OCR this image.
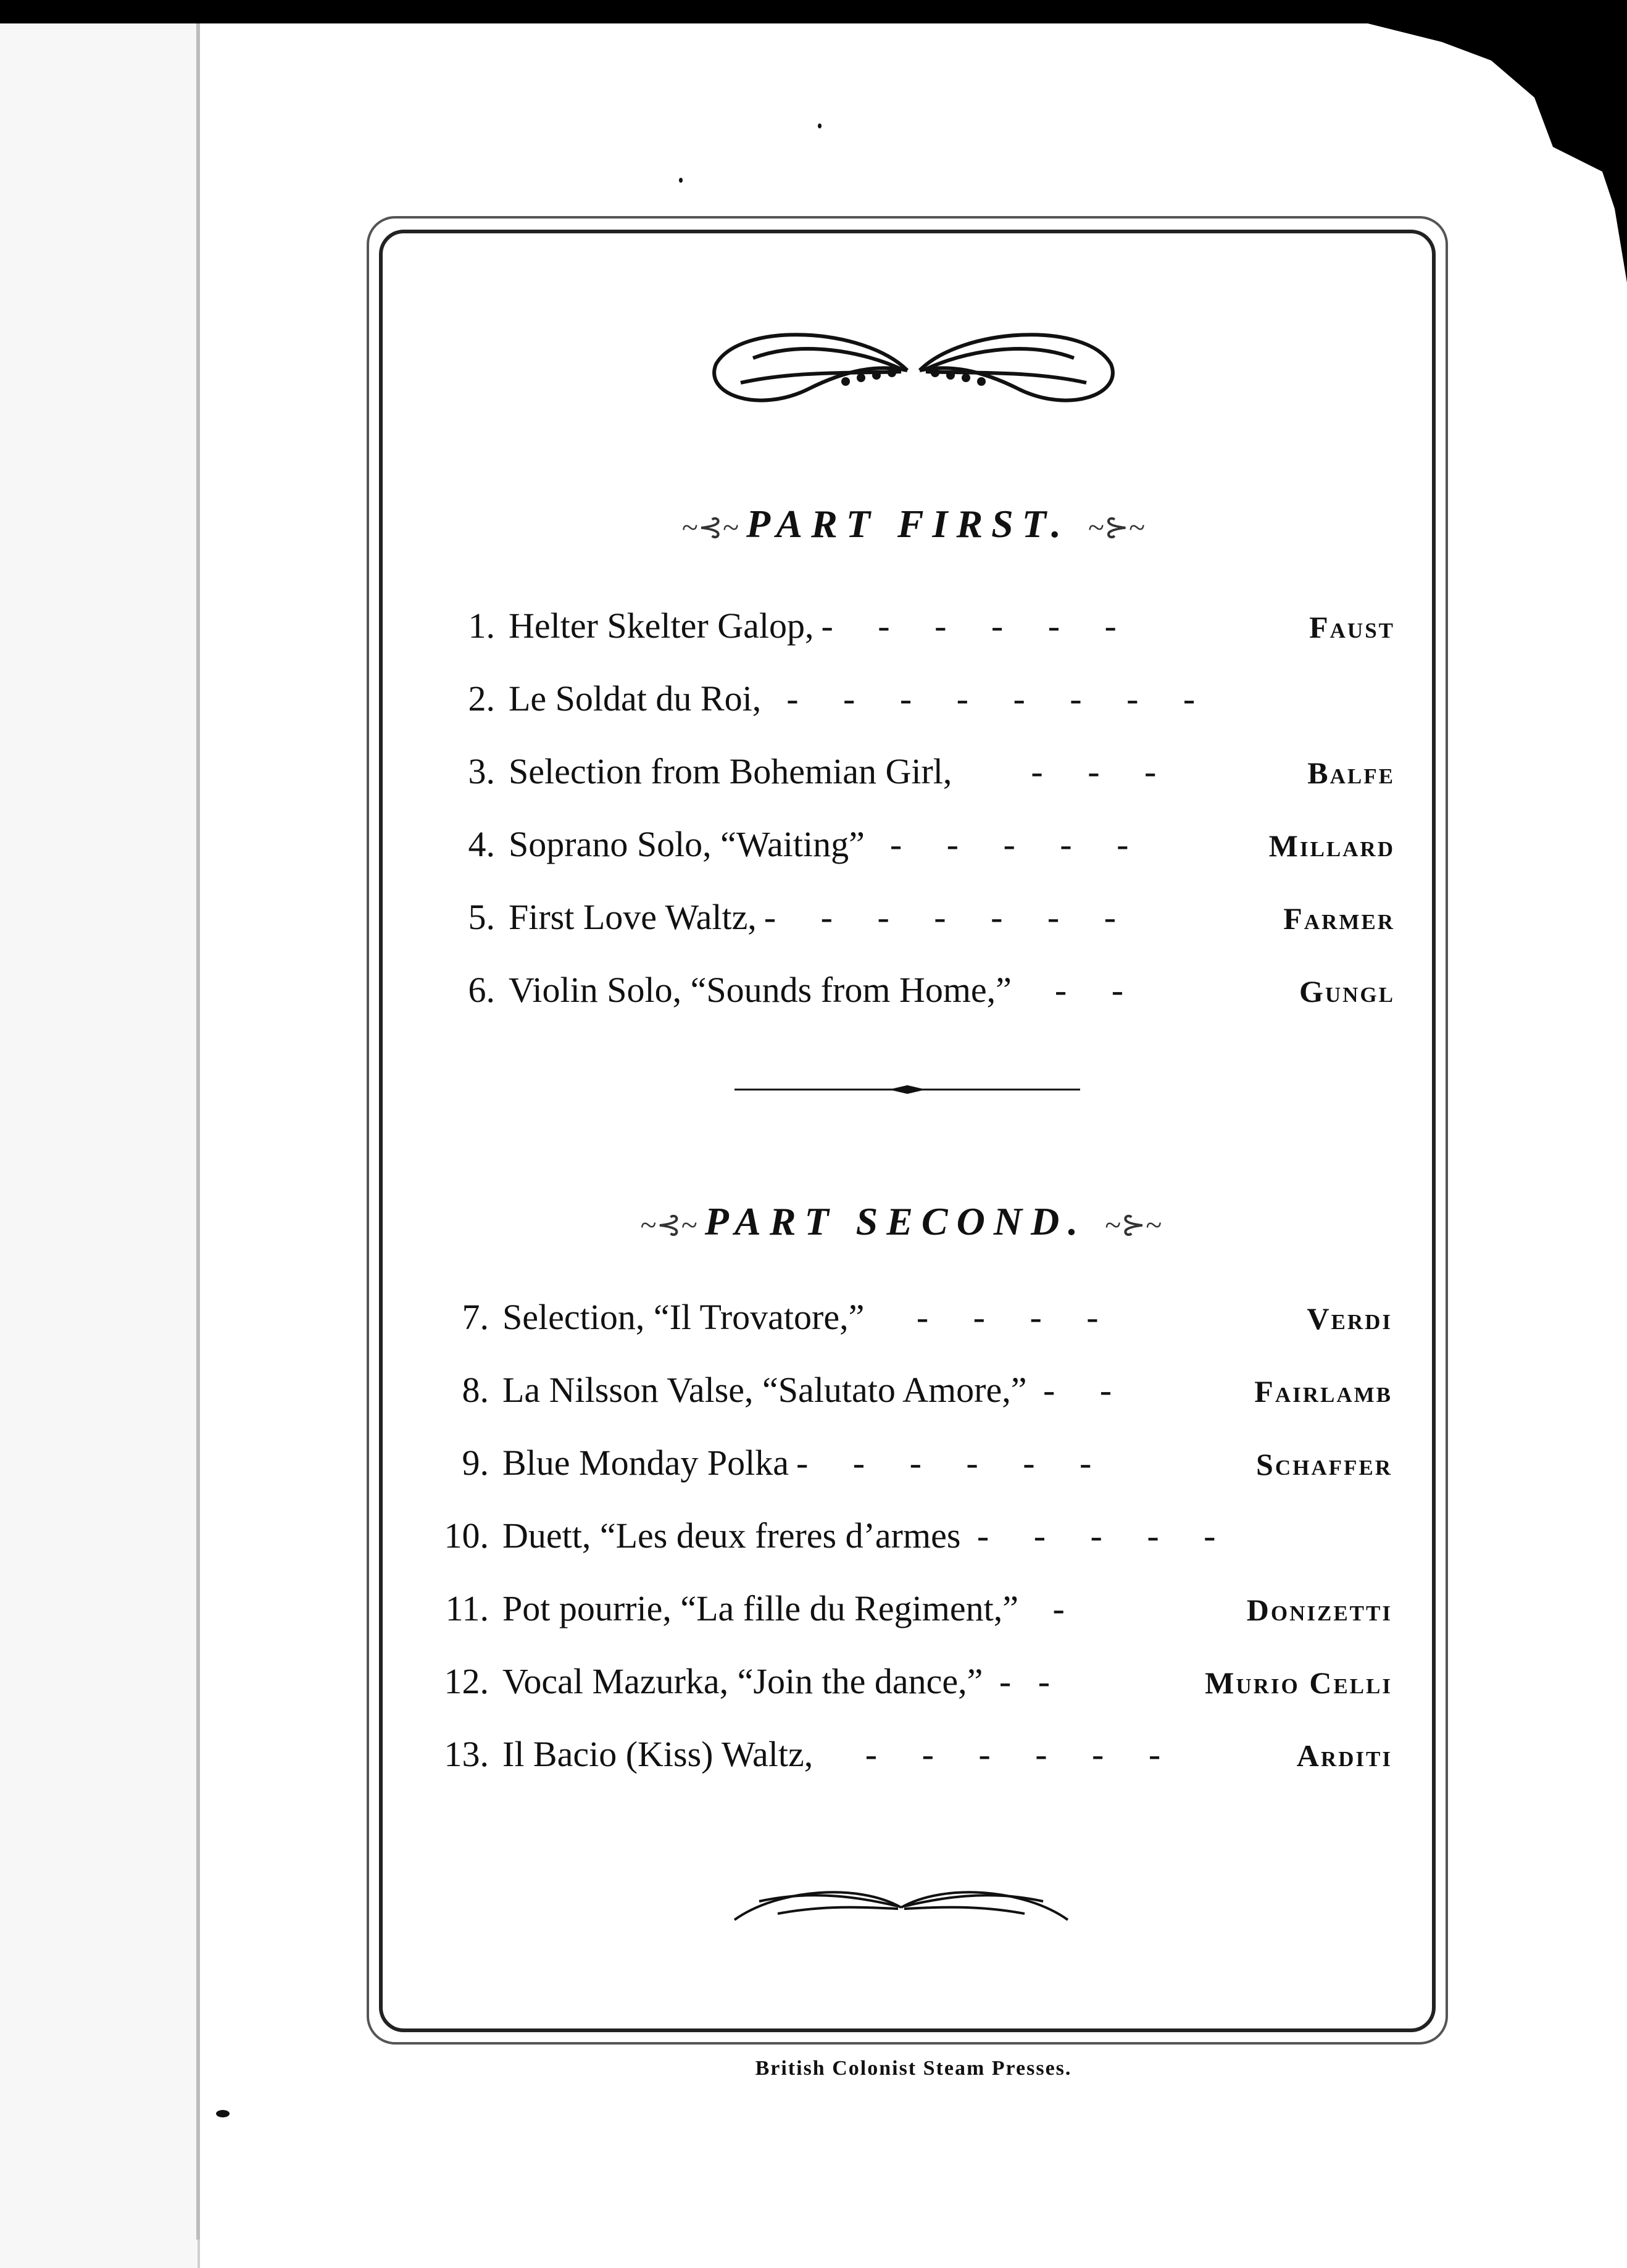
~⊰~ PART FIRST. ~⊱~
1. Helter Skelter Galop, -     -     -     -     -     -	Faust
2. Le Soldat du Roi, -     -     -     -     -     -     -     -
3. Selection from Bohemian Girl, -     -     -	Balfe
4. Soprano Solo, “Waiting” -     -     -     -     -	Millard
5. First Love Waltz, -     -     -     -     -     -     -	Farmer
6. Violin Solo, “Sounds from Home,” -     -	Gungl
~⊰~ PART SECOND. ~⊱~
7. Selection, “Il Trovatore,” -     -     -     -	Verdi
8. La Nilsson Valse, “Salutato Amore,” -     -	Fairlamb
9. Blue Monday Polka -     -     -     -     -     -	Schaffer
10. Duett, “Les deux freres d’armes -     -     -     -     -
11. Pot pourrie, “La fille du Regiment,” -	Donizetti
12. Vocal Mazurka, “Join the dance,” -   -	Murio Celli
13. Il Bacio (Kiss) Waltz, -     -     -     -     -     -	Arditi
British Colonist Steam Presses.
